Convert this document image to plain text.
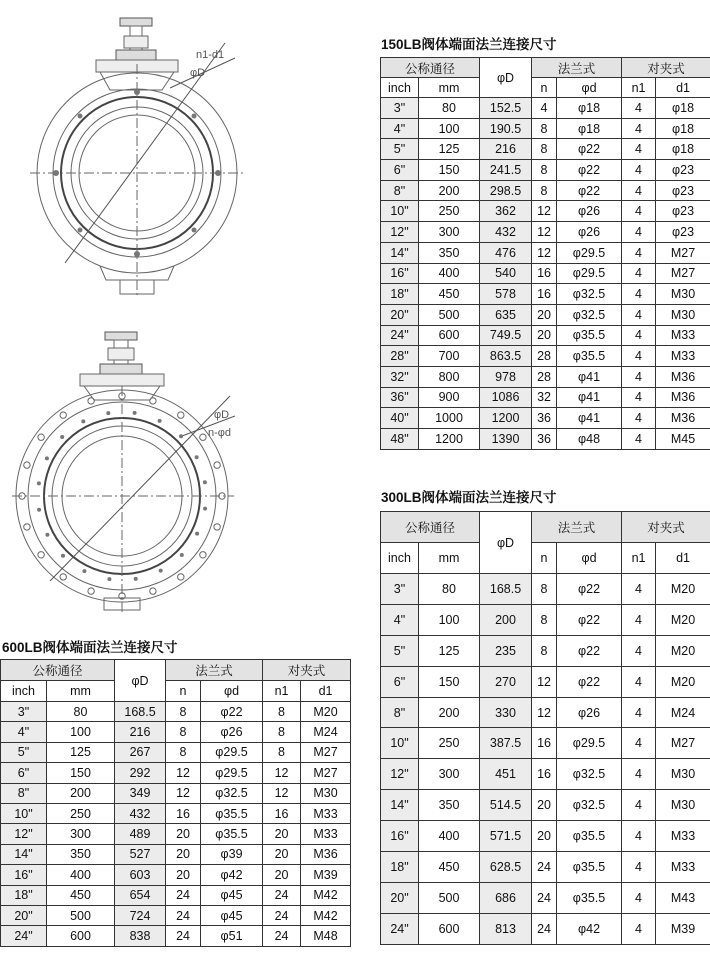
n1-d1
φD
φD
n-φd
150LB阀体端面法兰连接尺寸
公称通径		φD	法兰式		对夹式	
inch	mm		n	φd	n1	d1
3"	80	152.5	4	φ18	4	φ18
4"	100	190.5	8	φ18	4	φ18
5"	125	216	8	φ22	4	φ18
6"	150	241.5	8	φ22	4	φ23
8"	200	298.5	8	φ22	4	φ23
10"	250	362	12	φ26	4	φ23
12"	300	432	12	φ26	4	φ23
14"	350	476	12	φ29.5	4	M27
16"	400	540	16	φ29.5	4	M27
18"	450	578	16	φ32.5	4	M30
20"	500	635	20	φ32.5	4	M30
24"	600	749.5	20	φ35.5	4	M33
28"	700	863.5	28	φ35.5	4	M33
32"	800	978	28	φ41	4	M36
36"	900	1086	32	φ41	4	M36
40"	1000	1200	36	φ41	4	M36
48"	1200	1390	36	φ48	4	M45
300LB阀体端面法兰连接尺寸
公称通径		φD	法兰式		对夹式	
inch	mm		n	φd	n1	d1
3"	80	168.5	8	φ22	4	M20
4"	100	200	8	φ22	4	M20
5"	125	235	8	φ22	4	M20
6"	150	270	12	φ22	4	M20
8"	200	330	12	φ26	4	M24
10"	250	387.5	16	φ29.5	4	M27
12"	300	451	16	φ32.5	4	M30
14"	350	514.5	20	φ32.5	4	M30
16"	400	571.5	20	φ35.5	4	M33
18"	450	628.5	24	φ35.5	4	M33
20"	500	686	24	φ35.5	4	M43
24"	600	813	24	φ42	4	M39
600LB阀体端面法兰连接尺寸
公称通径		φD	法兰式		对夹式	
inch	mm		n	φd	n1	d1
3"	80	168.5	8	φ22	8	M20
4"	100	216	8	φ26	8	M24
5"	125	267	8	φ29.5	8	M27
6"	150	292	12	φ29.5	12	M27
8"	200	349	12	φ32.5	12	M30
10"	250	432	16	φ35.5	16	M33
12"	300	489	20	φ35.5	20	M33
14"	350	527	20	φ39	20	M36
16"	400	603	20	φ42	20	M39
18"	450	654	24	φ45	24	M42
20"	500	724	24	φ45	24	M42
24"	600	838	24	φ51	24	M48
